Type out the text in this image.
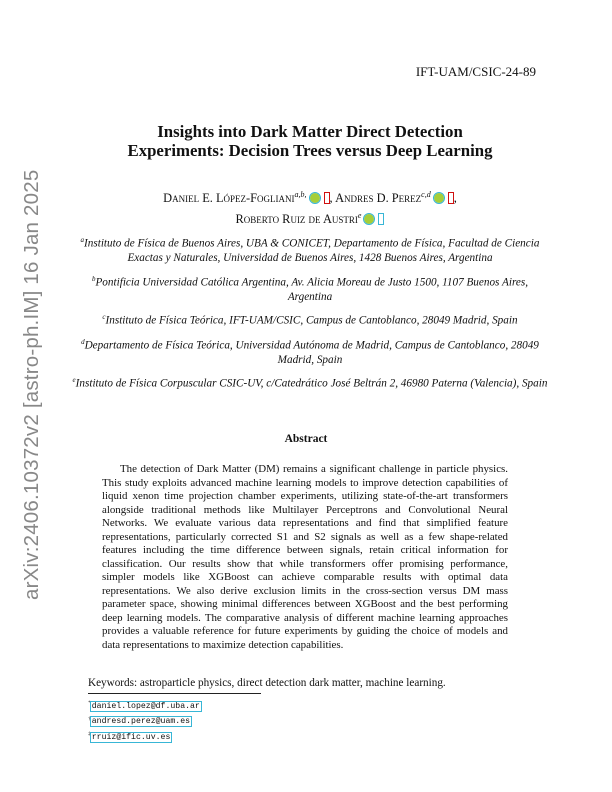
arXiv:2406.10372v2 [astro-ph.IM] 16 Jan 2025
IFT-UAM/CSIC-24-89
Insights into Dark Matter Direct Detection
Experiments: Decision Trees versus Deep Learning
Daniel E. López-Fogliani$^{a,b,}$ , Andres D. Perez$^{c,d}$ ,
Roberto Ruiz de Austri$^e$

$^a$Instituto de Física de Buenos Aires, UBA & CONICET, Departamento de Física, Facultad de Ciencia Exactas y Naturales, Universidad de Buenos Aires, 1428 Buenos Aires, Argentina

$^b$Pontificia Universidad Católica Argentina, Av. Alicia Moreau de Justo 1500, 1107 Buenos Aires, Argentina

$^c$Instituto de Física Teórica, IFT-UAM/CSIC, Campus de Cantoblanco, 28049 Madrid, Spain

$^d$Departamento de Física Teórica, Universidad Autónoma de Madrid, Campus de Cantoblanco, 28049 Madrid, Spain

$^e$Instituto de Física Corpuscular CSIC-UV, c/Catedrático José Beltrán 2, 46980 Paterna (Valencia), Spain

Abstract

The detection of Dark Matter (DM) remains a significant challenge in particle physics. This study exploits advanced machine learning models to improve detection capabilities of liquid xenon time projection chamber experiments, utilizing state-of-the-art transformers alongside traditional methods like Multilayer Perceptrons and Convolutional Neural Networks. We evaluate various data representations and find that simplified feature representations, particularly corrected S1 and S2 signals as well as a few shape-related features including the time difference between signals, retain critical information for classification. Our results show that while transformers offer promising performance, simpler models like XGBoost can achieve comparable results with optimal data representations. We also derive exclusion limits in the cross-section versus DM mass parameter space, showing minimal differences between XGBoost and the best performing deep learning models. The comparative analysis of different machine learning approaches provides a valuable reference for future experiments by guiding the choice of models and data representations to maximize detection capabilities.

Keywords: astroparticle physics, direct detection dark matter, machine learning.
*daniel.lopez@df.uba.ar
†andresd.perez@uam.es
‡rruiz@ific.uv.es
